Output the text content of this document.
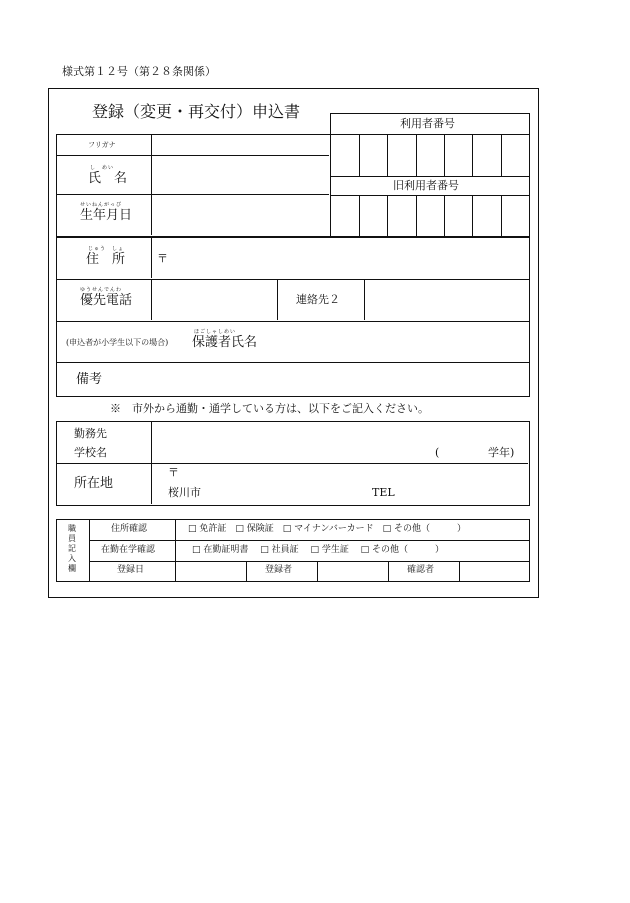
様式第１２号（第２８条関係）
登録（変更・再交付）申込書
利用者番号
旧利用者番号
フリガナ
し　めい
氏　名
せいねんがっぴ
生年月日
じゅう　しょ
住　所	〒
ゆうせんでんわ
優先電話	連絡先２
(申込者が小学生以下の場合)
ほごしゃしめい
保護者氏名
備考
※　市外から通勤・通学している方は、以下をご記入ください。
勤務先
学校名	(	学年)
所在地
〒
桜川市	TEL
職
員
記
入
欄
住所確認	□ 免許証　□ 保険証　□ マイナンバーカード　□ その他（　　　）
在勤在学確認	□ 在勤証明書　 □ 社員証　 □ 学生証　 □ その他（　　　）
登録日	登録者	確認者
